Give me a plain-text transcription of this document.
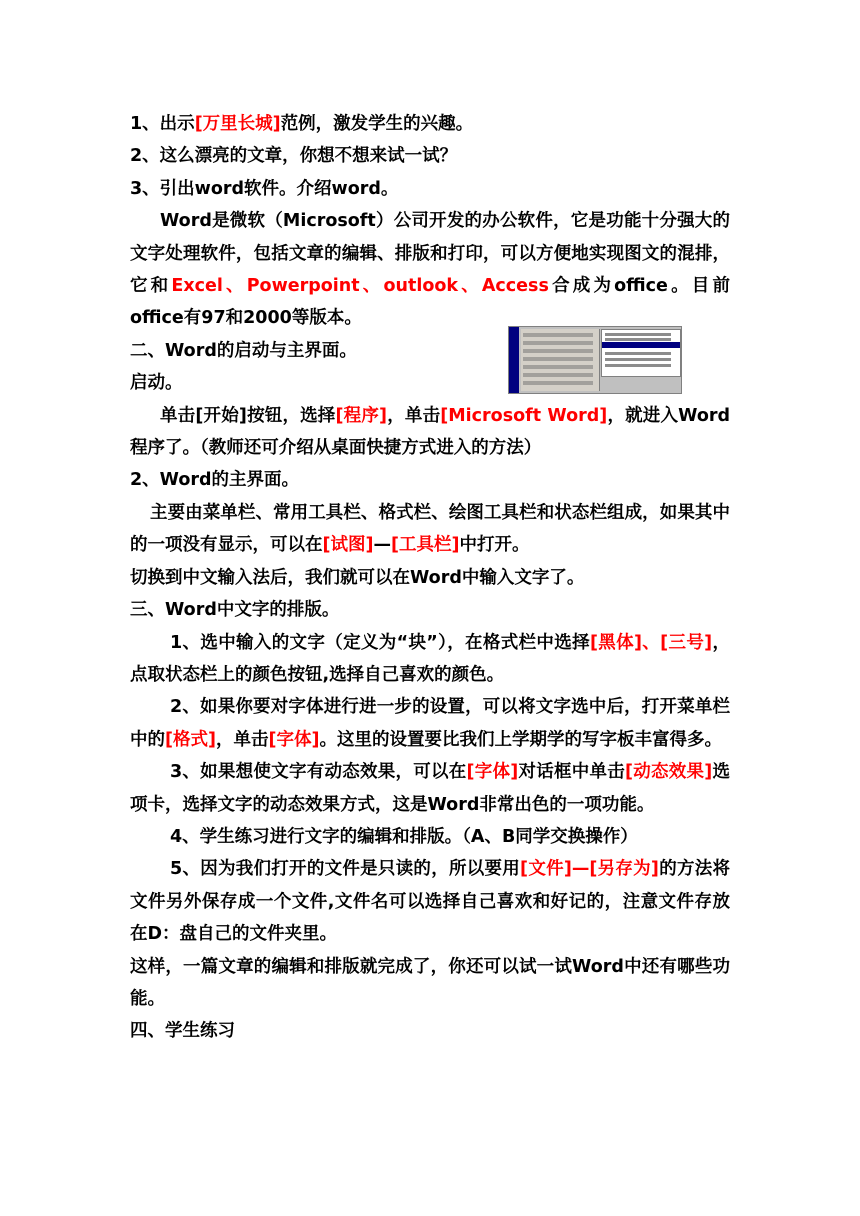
1、出示[万里长城]范例，激发学生的兴趣。

2、这么漂亮的文章，你想不想来试一试？

3、引出word软件。介绍word。

Word是微软（Microsoft）公司开发的办公软件，它是功能十分强大的文字处理软件，包括文章的编辑、排版和打印，可以方便地实现图文的混排，它和Excel、Powerpoint、outlook、Access合成为office。目前office有97和2000等版本。

二、Word的启动与主界面。

启动。

单击[开始]按钮，选择[程序]，单击[Microsoft Word]，就进入Word程序了。（教师还可介绍从桌面快捷方式进入的方法）

2、Word的主界面。

主要由菜单栏、常用工具栏、格式栏、绘图工具栏和状态栏组成，如果其中的一项没有显示，可以在[试图]—[工具栏]中打开。

切换到中文输入法后，我们就可以在Word中输入文字了。

三、Word中文字的排版。

1、选中输入的文字（定义为“块”），在格式栏中选择[黑体]、[三号]，点取状态栏上的颜色按钮,选择自己喜欢的颜色。

2、如果你要对字体进行进一步的设置，可以将文字选中后，打开菜单栏中的[格式]，单击[字体]。这里的设置要比我们上学期学的写字板丰富得多。

3、如果想使文字有动态效果，可以在[字体]对话框中单击[动态效果]选项卡，选择文字的动态效果方式，这是Word非常出色的一项功能。

4、学生练习进行文字的编辑和排版。（A、B同学交换操作）

5、因为我们打开的文件是只读的，所以要用[文件]—[另存为]的方法将文件另外保存成一个文件,文件名可以选择自己喜欢和好记的，注意文件存放在D：盘自己的文件夹里。

这样，一篇文章的编辑和排版就完成了，你还可以试一试Word中还有哪些功能。

四、学生练习
